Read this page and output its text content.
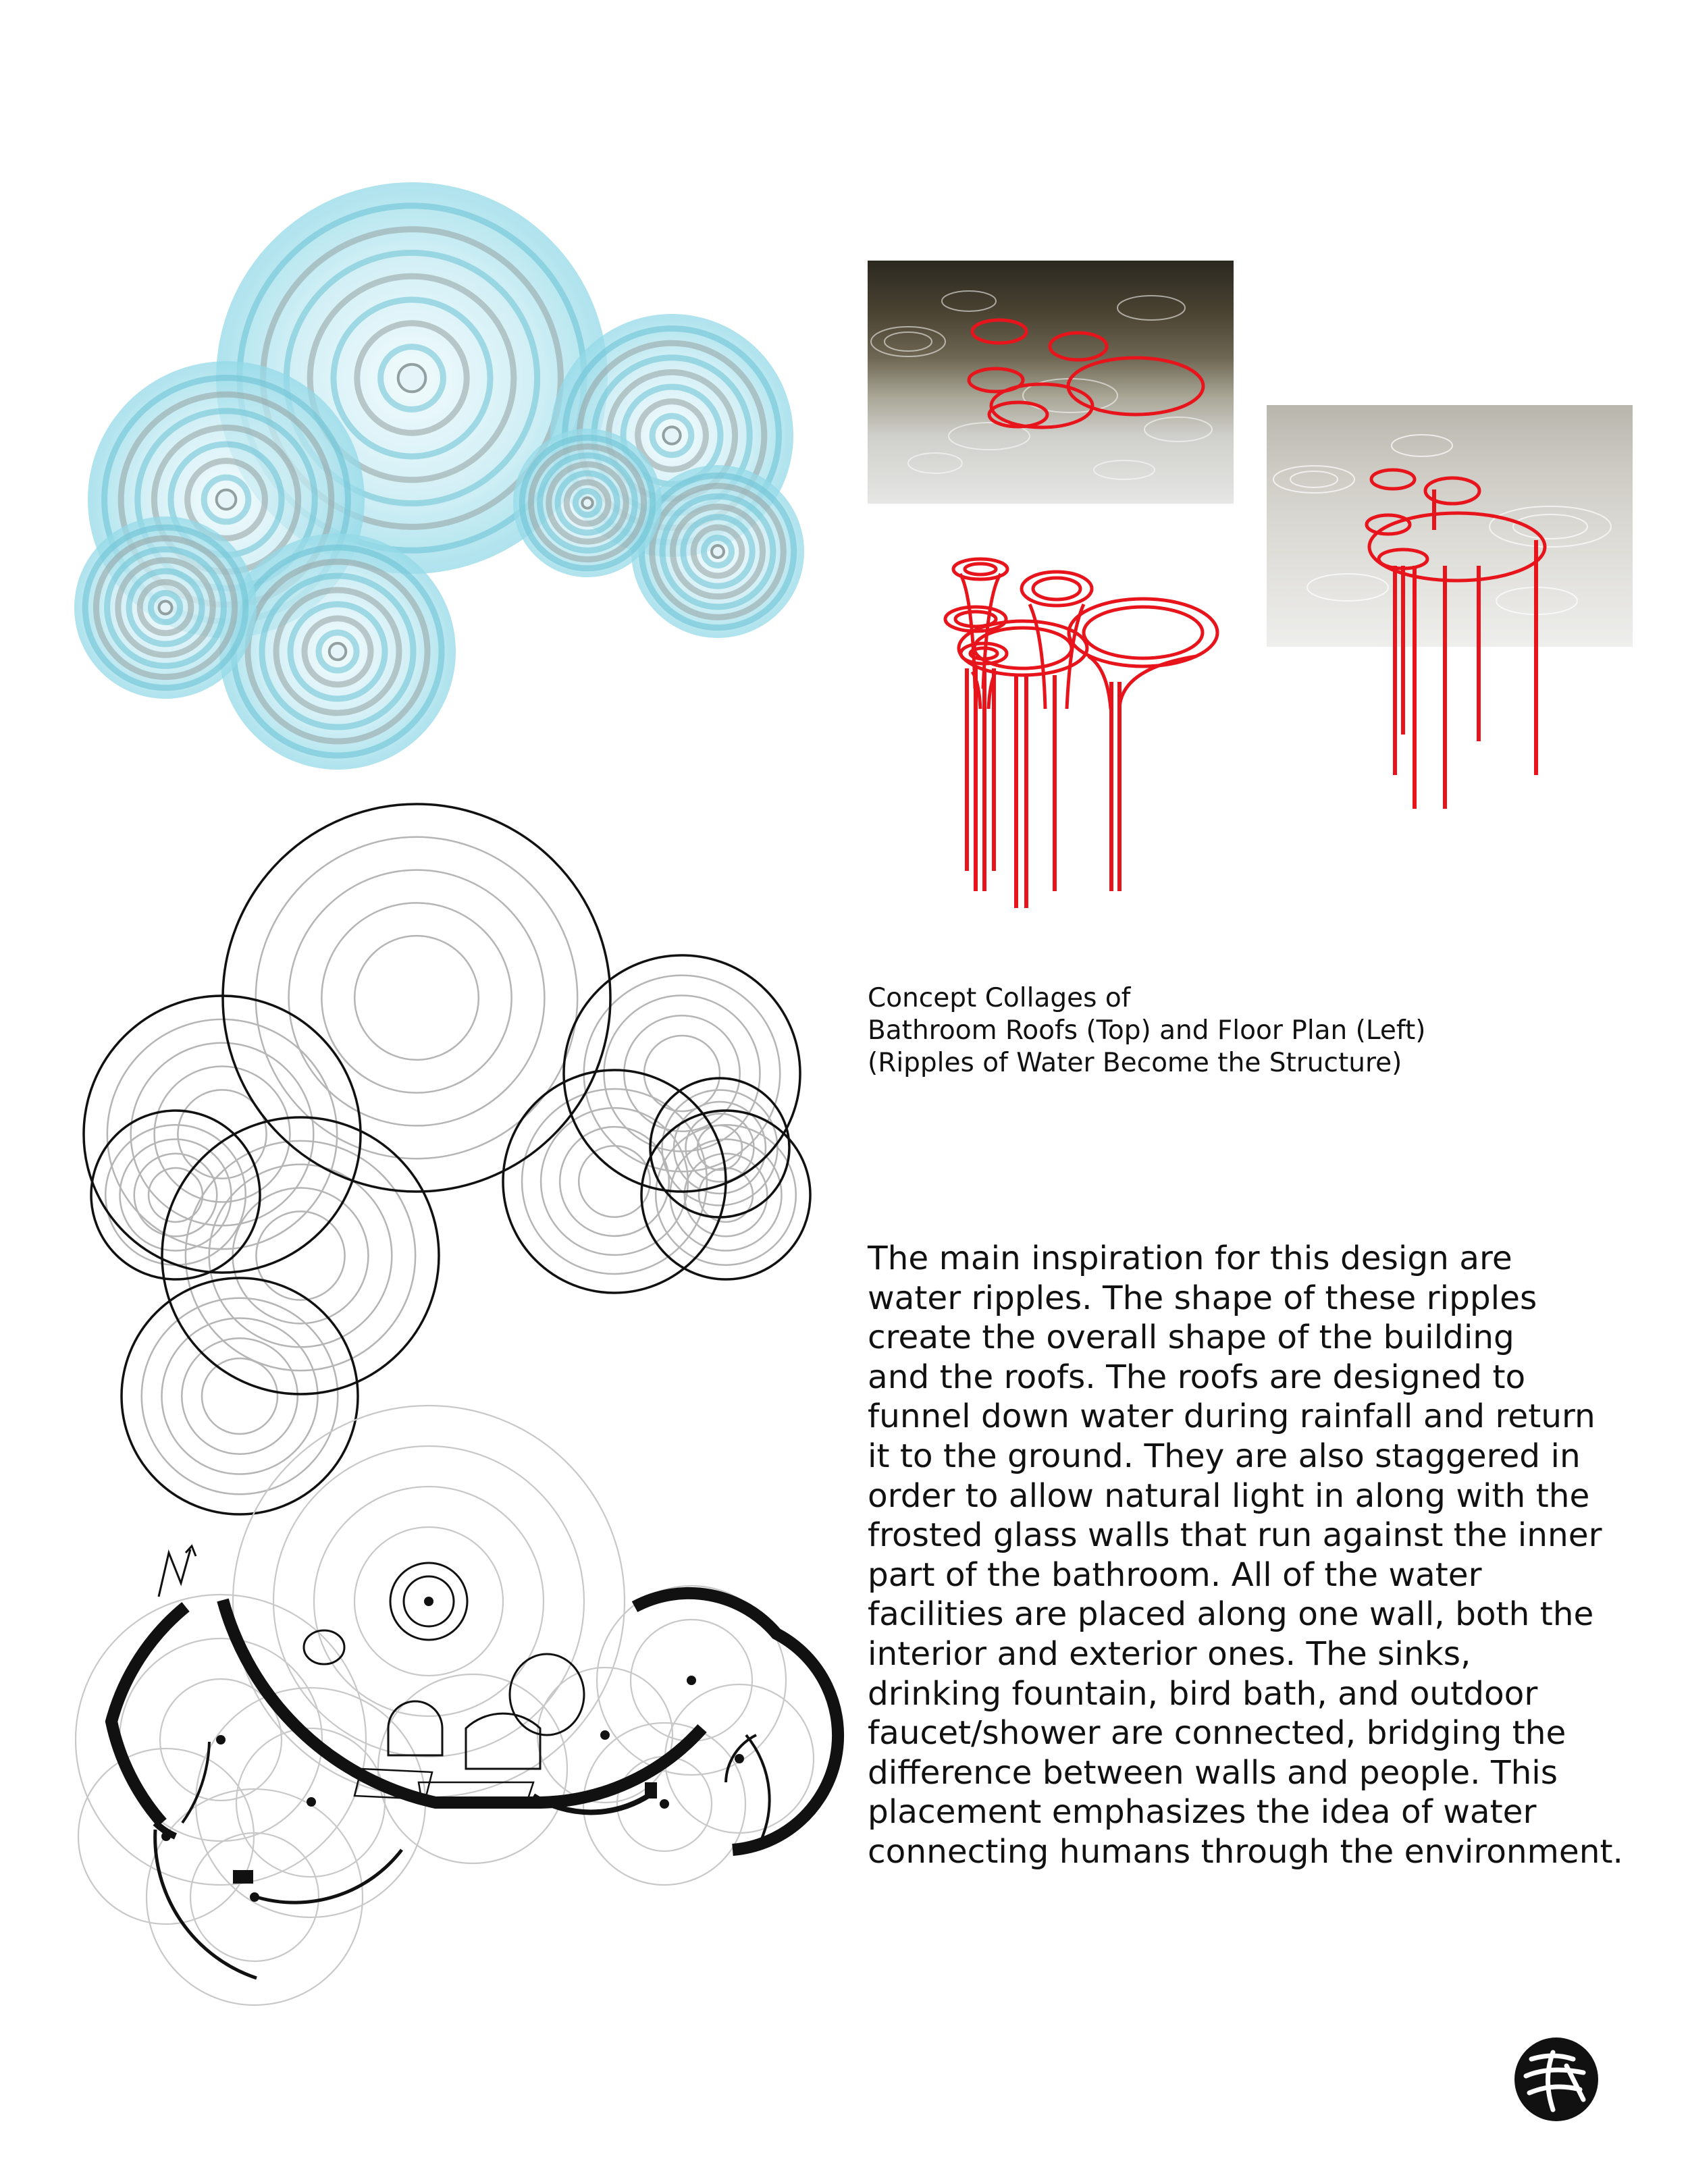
Concept Collages of
Bathroom Roofs (Top) and Floor Plan (Left)
(Ripples of Water Become the Structure)
The main inspiration for this design are
water ripples. The shape of these ripples
create the overall shape of the building
and the roofs. The roofs are designed to
funnel down water during rainfall and return
it to the ground. They are also staggered in
order to allow natural light in along with the
frosted glass walls that run against the inner
part of the bathroom. All of the water
facilities are placed along one wall, both the
interior and exterior ones. The sinks,
drinking fountain, bird bath, and outdoor
faucet/shower are connected, bridging the
difference between walls and people. This
placement emphasizes the idea of water
connecting humans through the environment.
